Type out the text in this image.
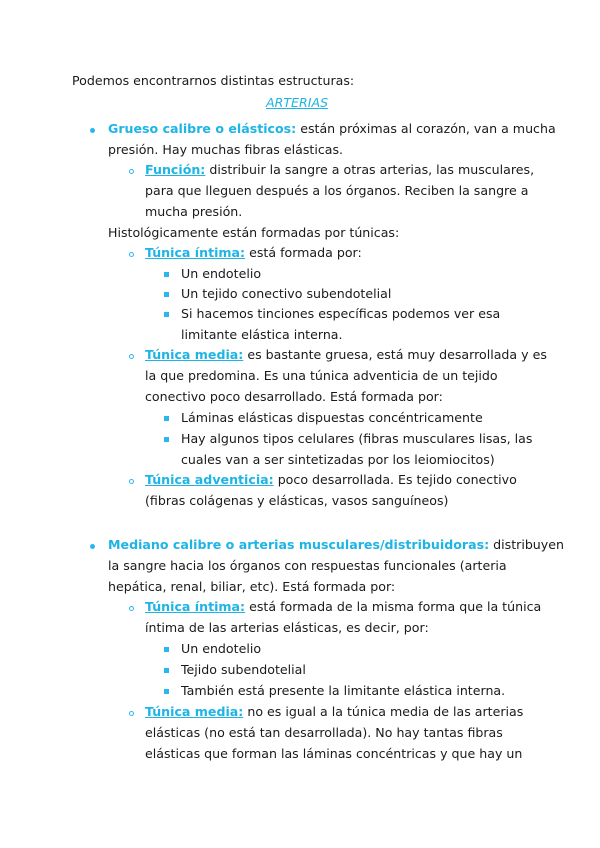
Podemos encontrarnos distintas estructuras:
ARTERIAS
Grueso calibre o elásticos: están próximas al corazón, van a mucha
presión. Hay muchas fibras elásticas.
Función: distribuir la sangre a otras arterias, las musculares,
para que lleguen después a los órganos. Reciben la sangre a
mucha presión.
Histológicamente están formadas por túnicas:
Túnica íntima: está formada por:
Un endotelio
Un tejido conectivo subendotelial
Si hacemos tinciones específicas podemos ver esa
limitante elástica interna.
Túnica media: es bastante gruesa, está muy desarrollada y es
la que predomina. Es una túnica adventicia de un tejido
conectivo poco desarrollado. Está formada por:
Láminas elásticas dispuestas concéntricamente
Hay algunos tipos celulares (fibras musculares lisas, las
cuales van a ser sintetizadas por los leiomiocitos)
Túnica adventicia: poco desarrollada. Es tejido conectivo
(fibras colágenas y elásticas, vasos sanguíneos)
Mediano calibre o arterias musculares/distribuidoras: distribuyen
la sangre hacia los órganos con respuestas funcionales (arteria
hepática, renal, biliar, etc). Está formada por:
Túnica íntima: está formada de la misma forma que la túnica
íntima de las arterias elásticas, es decir, por:
Un endotelio
Tejido subendotelial
También está presente la limitante elástica interna.
Túnica media: no es igual a la túnica media de las arterias
elásticas (no está tan desarrollada). No hay tantas fibras
elásticas que forman las láminas concéntricas y que hay un
